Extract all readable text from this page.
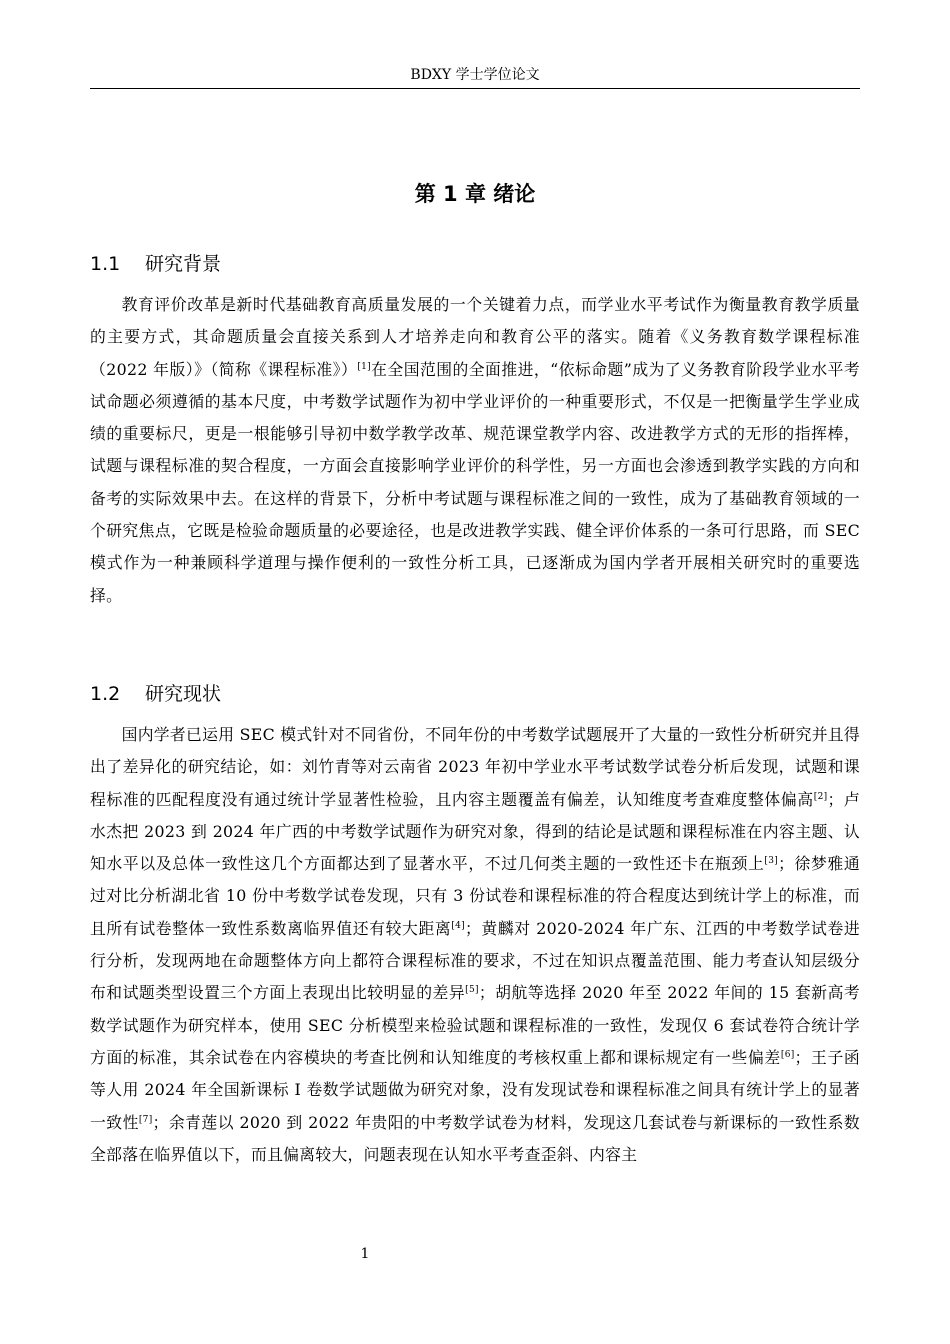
BDXY 学士学位论文
第 1 章 绪论
1.1 研究背景

教育评价改革是新时代基础教育高质量发展的一个关键着力点，而学业水平考试作为衡量教育教学质量的主要方式，其命题质量会直接关系到人才培养走向和教育公平的落实。随着《义务教育数学课程标准（2022 年版）》（简称《课程标准》）[1]在全国范围的全面推进，“依标命题”成为了义务教育阶段学业水平考试命题必须遵循的基本尺度，中考数学试题作为初中学业评价的一种重要形式，不仅是一把衡量学生学业成绩的重要标尺，更是一根能够引导初中数学教学改革、规范课堂教学内容、改进教学方式的无形的指挥棒，试题与课程标准的契合程度，一方面会直接影响学业评价的科学性，另一方面也会渗透到教学实践的方向和备考的实际效果中去。在这样的背景下，分析中考试题与课程标准之间的一致性，成为了基础教育领域的一个研究焦点，它既是检验命题质量的必要途径，也是改进教学实践、健全评价体系的一条可行思路，而 SEC 模式作为一种兼顾科学道理与操作便利的一致性分析工具，已逐渐成为国内学者开展相关研究时的重要选择。

1.2 研究现状

国内学者已运用 SEC 模式针对不同省份，不同年份的中考数学试题展开了大量的一致性分析研究并且得出了差异化的研究结论，如：刘竹青等对云南省 2023 年初中学业水平考试数学试卷分析后发现，试题和课程标准的匹配程度没有通过统计学显著性检验，且内容主题覆盖有偏差，认知维度考查难度整体偏高[2]；卢水杰把 2023 到 2024 年广西的中考数学试题作为研究对象，得到的结论是试题和课程标准在内容主题、认知水平以及总体一致性这几个方面都达到了显著水平，不过几何类主题的一致性还卡在瓶颈上[3]；徐梦雅通过对比分析湖北省 10 份中考数学试卷发现，只有 3 份试卷和课程标准的符合程度达到统计学上的标准，而且所有试卷整体一致性系数离临界值还有较大距离[4]；黄麟对 2020-2024 年广东、江西的中考数学试卷进行分析，发现两地在命题整体方向上都符合课程标准的要求，不过在知识点覆盖范围、能力考查认知层级分布和试题类型设置三个方面上表现出比较明显的差异[5]；胡航等选择 2020 年至 2022 年间的 15 套新高考数学试题作为研究样本，使用 SEC 分析模型来检验试题和课程标准的一致性，发现仅 6 套试卷符合统计学方面的标准，其余试卷在内容模块的考查比例和认知维度的考核权重上都和课标规定有一些偏差[6]；王子函等人用 2024 年全国新课标 I 卷数学试题做为研究对象，没有发现试卷和课程标准之间具有统计学上的显著一致性[7]；余青莲以 2020 到 2022 年贵阳的中考数学试卷为材料，发现这几套试卷与新课标的一致性系数全部落在临界值以下，而且偏离较大，问题表现在认知水平考查歪斜、内容主

1
